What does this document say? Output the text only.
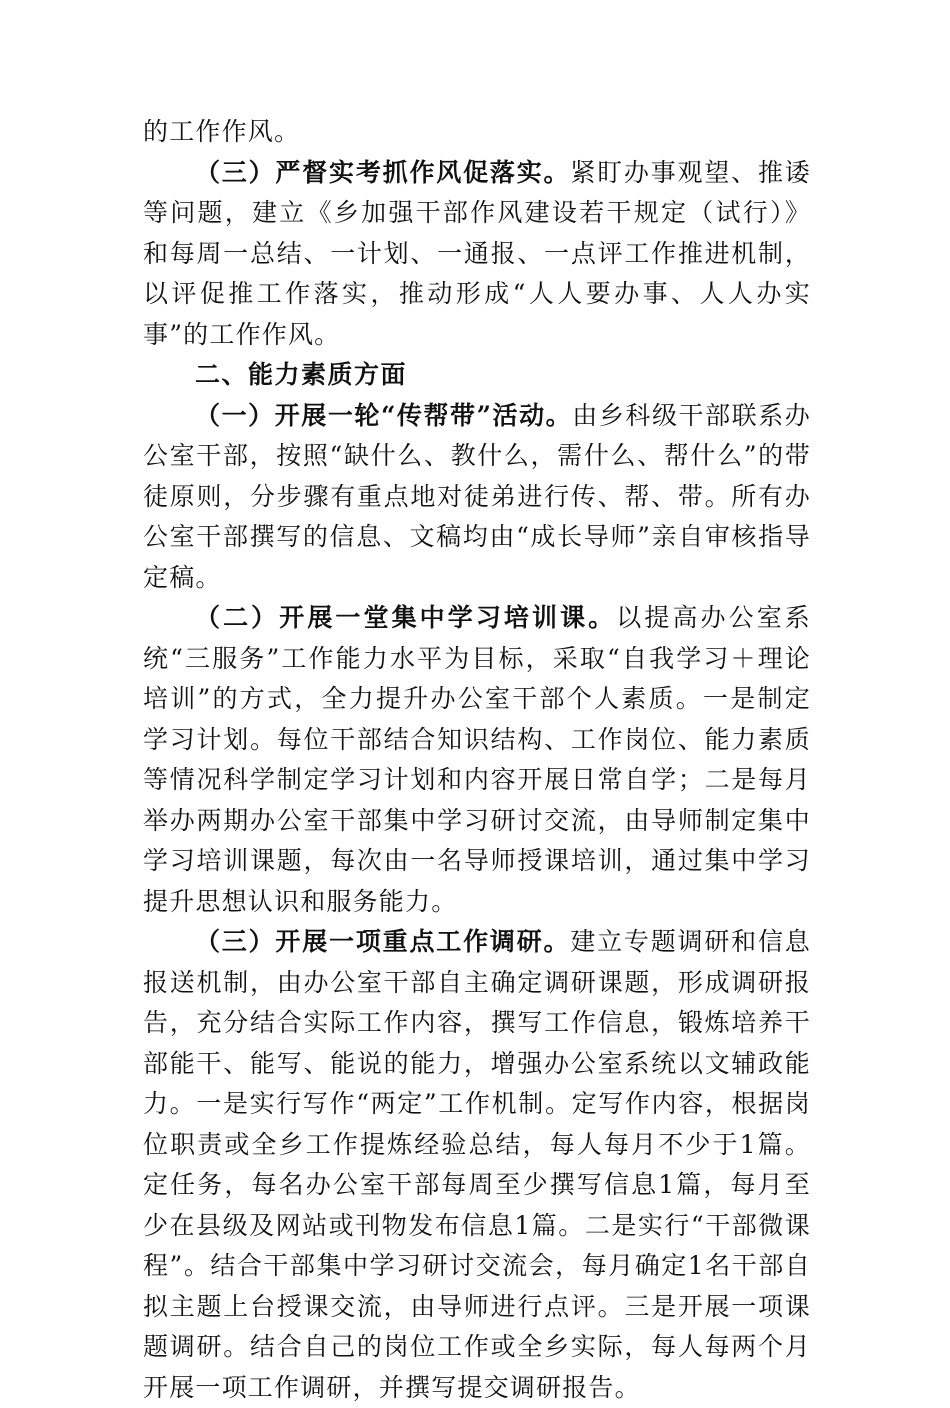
的工作作风。

（三）严督实考抓作风促落实。紧盯办事观望、推诿等问题，建立《乡加强干部作风建设若干规定（试行）》和每周一总结、一计划、一通报、一点评工作推进机制，以评促推工作落实，推动形成“人人要办事、人人办实事”的工作作风。

二、能力素质方面

（一）开展一轮“传帮带”活动。由乡科级干部联系办公室干部，按照“缺什么、教什么，需什么、帮什么”的带徒原则，分步骤有重点地对徒弟进行传、帮、带。所有办公室干部撰写的信息、文稿均由“成长导师”亲自审核指导定稿。

（二）开展一堂集中学习培训课。以提高办公室系统“三服务”工作能力水平为目标，采取“自我学习＋理论培训”的方式，全力提升办公室干部个人素质。一是制定学习计划。每位干部结合知识结构、工作岗位、能力素质等情况科学制定学习计划和内容开展日常自学；二是每月举办两期办公室干部集中学习研讨交流，由导师制定集中学习培训课题，每次由一名导师授课培训，通过集中学习提升思想认识和服务能力。

（三）开展一项重点工作调研。建立专题调研和信息报送机制，由办公室干部自主确定调研课题，形成调研报告，充分结合实际工作内容，撰写工作信息，锻炼培养干部能干、能写、能说的能力，增强办公室系统以文辅政能力。一是实行写作“两定”工作机制。定写作内容，根据岗位职责或全乡工作提炼经验总结，每人每月不少于1篇。定任务，每名办公室干部每周至少撰写信息1篇，每月至少在县级及网站或刊物发布信息1篇。二是实行“干部微课程”。结合干部集中学习研讨交流会，每月确定1名干部自拟主题上台授课交流，由导师进行点评。三是开展一项课题调研。结合自己的岗位工作或全乡实际，每人每两个月开展一项工作调研，并撰写提交调研报告。
